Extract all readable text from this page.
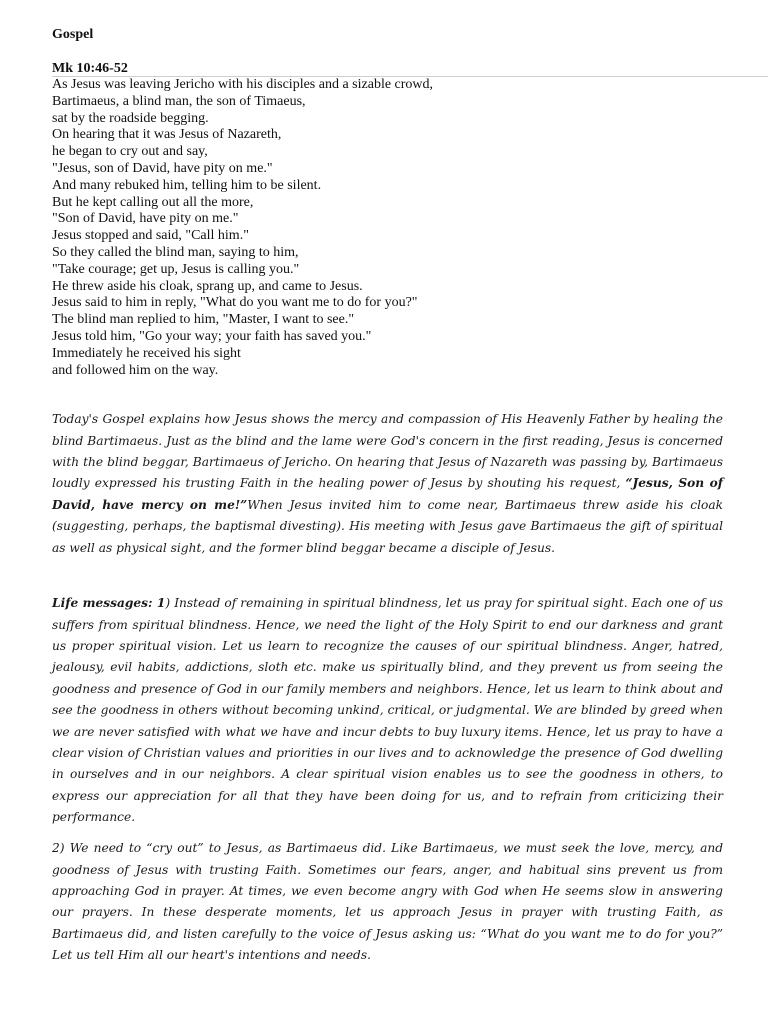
Gospel
Mk 10:46-52
As Jesus was leaving Jericho with his disciples and a sizable crowd,
Bartimaeus, a blind man, the son of Timaeus,
sat by the roadside begging.
On hearing that it was Jesus of Nazareth,
he began to cry out and say,
"Jesus, son of David, have pity on me."
And many rebuked him, telling him to be silent.
But he kept calling out all the more,
"Son of David, have pity on me."
Jesus stopped and said, "Call him."
So they called the blind man, saying to him,
"Take courage; get up, Jesus is calling you."
He threw aside his cloak, sprang up, and came to Jesus.
Jesus said to him in reply, "What do you want me to do for you?"
The blind man replied to him, "Master, I want to see."
Jesus told him, "Go your way; your faith has saved you."
Immediately he received his sight
and followed him on the way.

Today's Gospel explains how Jesus shows the mercy and compassion of His Heavenly Father by healing the blind Bartimaeus. Just as the blind and the lame were God's concern in the first reading, Jesus is concerned with the blind beggar, Bartimaeus of Jericho. On hearing that Jesus of Nazareth was passing by, Bartimaeus loudly expressed his trusting Faith in the healing power of Jesus by shouting his request, “Jesus, Son of David, have mercy on me!”When Jesus invited him to come near, Bartimaeus threw aside his cloak (suggesting, perhaps, the baptismal divesting). His meeting with Jesus gave Bartimaeus the gift of spiritual as well as physical sight, and the former blind beggar became a disciple of Jesus.

Life messages: 1) Instead of remaining in spiritual blindness, let us pray for spiritual sight. Each one of us suffers from spiritual blindness. Hence, we need the light of the Holy Spirit to end our darkness and grant us proper spiritual vision. Let us learn to recognize the causes of our spiritual blindness. Anger, hatred, jealousy, evil habits, addictions, sloth etc. make us spiritually blind, and they prevent us from seeing the goodness and presence of God in our family members and neighbors. Hence, let us learn to think about and see the goodness in others without becoming unkind, critical, or judgmental. We are blinded by greed when we are never satisfied with what we have and incur debts to buy luxury items. Hence, let us pray to have a clear vision of Christian values and priorities in our lives and to acknowledge the presence of God dwelling in ourselves and in our neighbors. A clear spiritual vision enables us to see the goodness in others, to express our appreciation for all that they have been doing for us, and to refrain from criticizing their performance.

2) We need to “cry out” to Jesus, as Bartimaeus did. Like Bartimaeus, we must seek the love, mercy, and goodness of Jesus with trusting Faith. Sometimes our fears, anger, and habitual sins prevent us from approaching God in prayer. At times, we even become angry with God when He seems slow in answering our prayers. In these desperate moments, let us approach Jesus in prayer with trusting Faith, as Bartimaeus did, and listen carefully to the voice of Jesus asking us: “What do you want me to do for you?” Let us tell Him all our heart's intentions and needs.
